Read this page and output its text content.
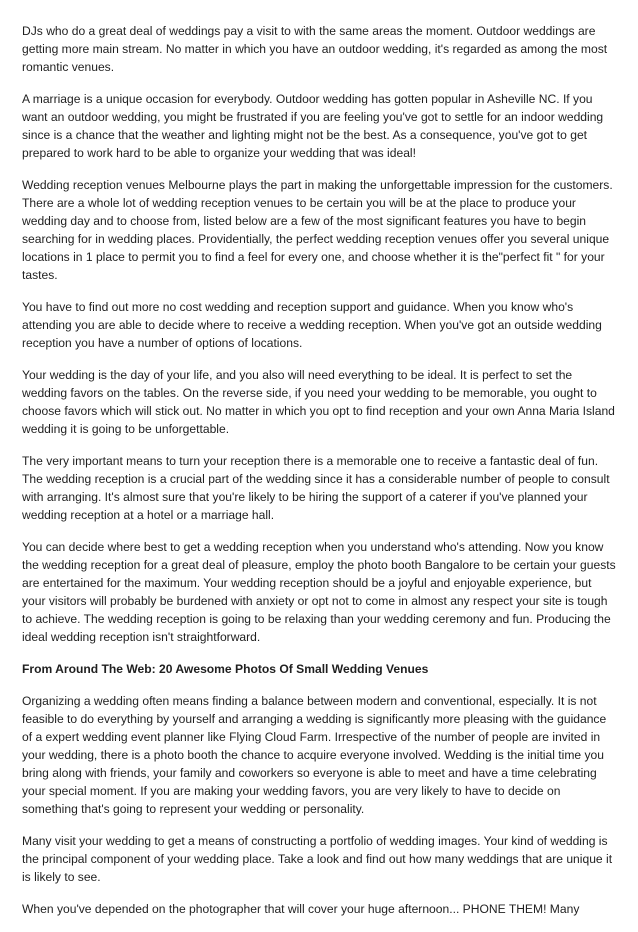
DJs who do a great deal of weddings pay a visit to with the same areas the moment. Outdoor weddings are getting more main stream. No matter in which you have an outdoor wedding, it's regarded as among the most romantic venues.

A marriage is a unique occasion for everybody. Outdoor wedding has gotten popular in Asheville NC. If you want an outdoor wedding, you might be frustrated if you are feeling you've got to settle for an indoor wedding since is a chance that the weather and lighting might not be the best. As a consequence, you've got to get prepared to work hard to be able to organize your wedding that was ideal!

Wedding reception venues Melbourne plays the part in making the unforgettable impression for the customers. There are a whole lot of wedding reception venues to be certain you will be at the place to produce your wedding day and to choose from, listed below are a few of the most significant features you have to begin searching for in wedding places. Providentially, the perfect wedding reception venues offer you several unique locations in 1 place to permit you to find a feel for every one, and choose whether it is the"perfect fit " for your tastes.

You have to find out more no cost wedding and reception support and guidance. When you know who's attending you are able to decide where to receive a wedding reception. When you've got an outside wedding reception you have a number of options of locations.

Your wedding is the day of your life, and you also will need everything to be ideal. It is perfect to set the wedding favors on the tables. On the reverse side, if you need your wedding to be memorable, you ought to choose favors which will stick out. No matter in which you opt to find reception and your own Anna Maria Island wedding it is going to be unforgettable.

The very important means to turn your reception there is a memorable one to receive a fantastic deal of fun. The wedding reception is a crucial part of the wedding since it has a considerable number of people to consult with arranging. It's almost sure that you're likely to be hiring the support of a caterer if you've planned your wedding reception at a hotel or a marriage hall.

You can decide where best to get a wedding reception when you understand who's attending. Now you know the wedding reception for a great deal of pleasure, employ the photo booth Bangalore to be certain your guests are entertained for the maximum. Your wedding reception should be a joyful and enjoyable experience, but your visitors will probably be burdened with anxiety or opt not to come in almost any respect your site is tough to achieve. The wedding reception is going to be relaxing than your wedding ceremony and fun. Producing the ideal wedding reception isn't straightforward.

From Around The Web: 20 Awesome Photos Of Small Wedding Venues

Organizing a wedding often means finding a balance between modern and conventional, especially. It is not feasible to do everything by yourself and arranging a wedding is significantly more pleasing with the guidance of a expert wedding event planner like Flying Cloud Farm. Irrespective of the number of people are invited in your wedding, there is a photo booth the chance to acquire everyone involved. Wedding is the initial time you bring along with friends, your family and coworkers so everyone is able to meet and have a time celebrating your special moment. If you are making your wedding favors, you are very likely to have to decide on something that's going to represent your wedding or personality.

Many visit your wedding to get a means of constructing a portfolio of wedding images. Your kind of wedding is the principal component of your wedding place. Take a look and find out how many weddings that are unique it is likely to see.

When you've depended on the photographer that will cover your huge afternoon... PHONE THEM! Many
